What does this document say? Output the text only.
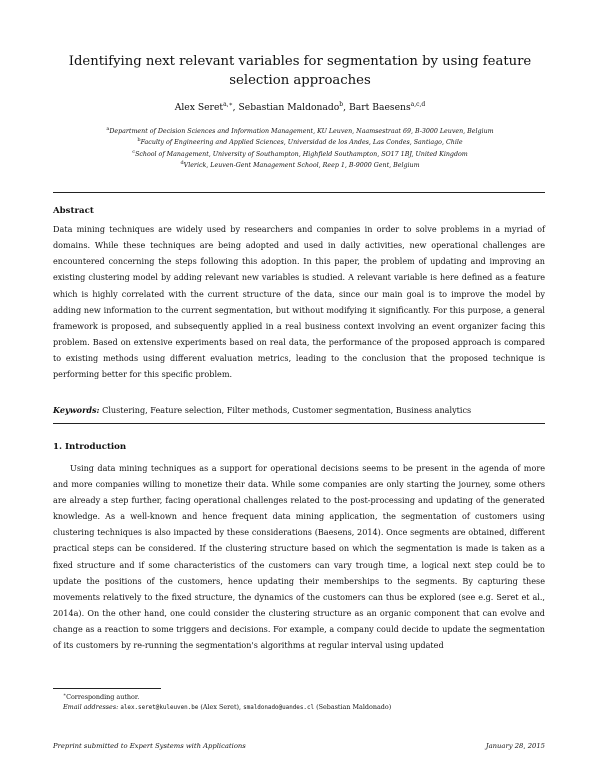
Identifying next relevant variables for segmentation by using feature selection approaches
Alex Seret$^{a,∗}$, Sebastian Maldonado$^b$, Bart Baesens$^{a,c,d}$
$^a$Department of Decision Sciences and Information Management, KU Leuven, Naamsestraat 69, B-3000 Leuven, Belgium
$^b$Faculty of Engineering and Applied Sciences, Universidad de los Andes, Las Condes, Santiago, Chile
$^c$School of Management, University of Southampton, Highfield Southampton, SO17 1BJ, United Kingdom
$^d$Vlerick, Leuven-Gent Management School, Reep 1, B-9000 Gent, Belgium
Abstract
Data mining techniques are widely used by researchers and companies in order to solve problems in a myriad of domains. While these techniques are being adopted and used in daily activities, new operational challenges are encountered concerning the steps following this adoption. In this paper, the problem of updating and improving an existing clustering model by adding relevant new variables is studied. A relevant variable is here defined as a feature which is highly correlated with the current structure of the data, since our main goal is to improve the model by adding new information to the current segmentation, but without modifying it significantly. For this purpose, a general framework is proposed, and subsequently applied in a real business context involving an event organizer facing this problem. Based on extensive experiments based on real data, the performance of the proposed approach is compared to existing methods using different evaluation metrics, leading to the conclusion that the proposed technique is performing better for this specific problem.
Keywords: Clustering, Feature selection, Filter methods, Customer segmentation, Business analytics
1. Introduction

Using data mining techniques as a support for operational decisions seems to be present in the agenda of more and more companies willing to monetize their data. While some companies are only starting the journey, some others are already a step further, facing operational challenges related to the post-processing and updating of the generated knowledge. As a well-known and hence frequent data mining application, the segmentation of customers using clustering techniques is also impacted by these considerations (Baesens, 2014). Once segments are obtained, different practical steps can be considered. If the clustering structure based on which the segmentation is made is taken as a fixed structure and if some characteristics of the customers can vary trough time, a logical next step could be to update the positions of the customers, hence updating their memberships to the segments. By capturing these movements relatively to the fixed structure, the dynamics of the customers can thus be explored (see e.g. Seret et al., 2014a). On the other hand, one could consider the clustering structure as an organic component that can evolve and change as a reaction to some triggers and decisions. For example, a company could decide to update the segmentation of its customers by re-running the segmentation's algorithms at regular interval using updated

∗Corresponding author.
Email addresses: alex.seret@kuleuven.be (Alex Seret), smaldonado@uandes.cl (Sebastian Maldonado)
Preprint submitted to Expert Systems with Applications	January 28, 2015
